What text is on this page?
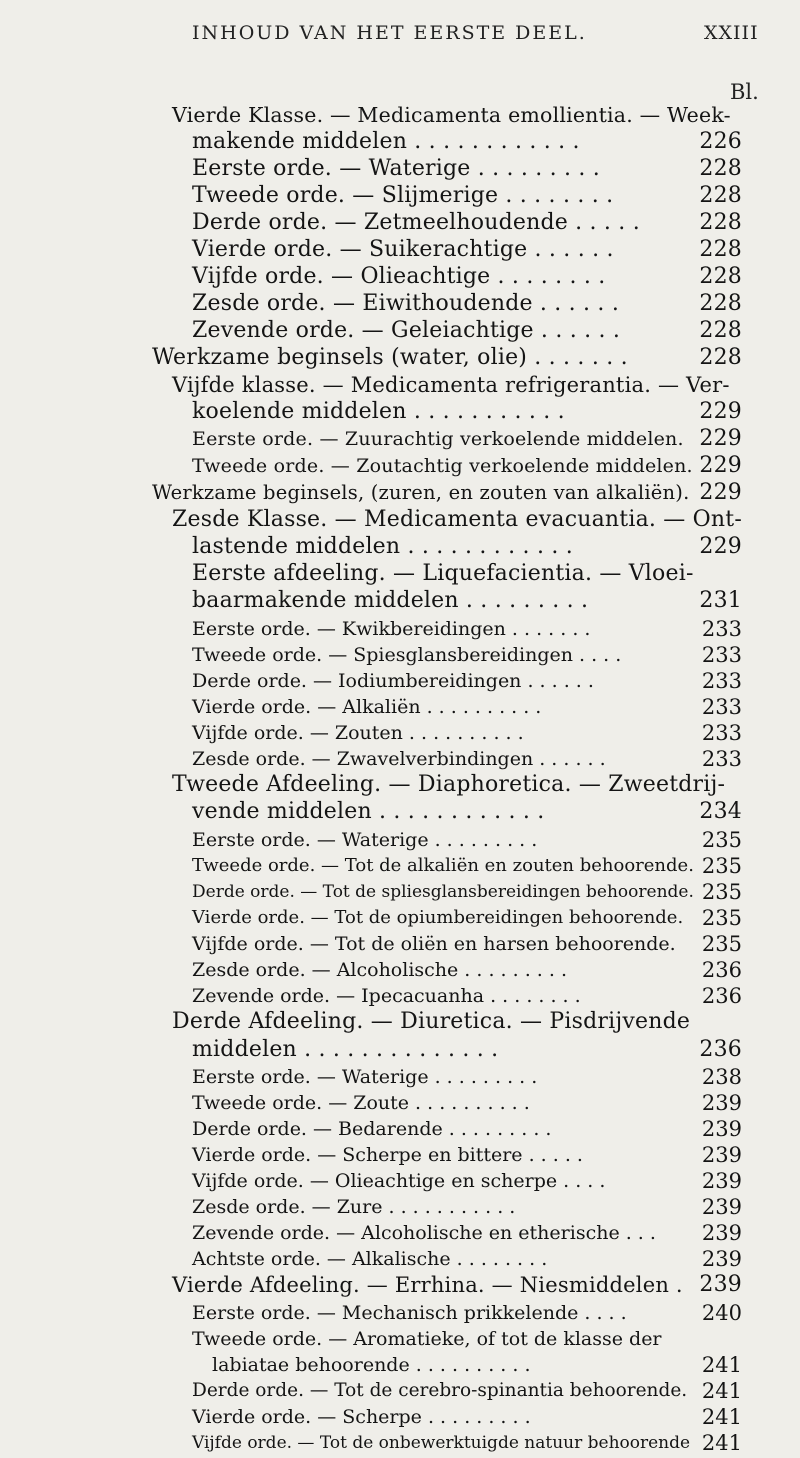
INHOUD VAN HET EERSTE DEEL.	XXIII
Bl.
Vierde Klasse. — Medicamenta emollientia. — Week-
makende middelen . . . . . . . . . . . .	226
Eerste orde. — Waterige . . . . . . . . .	228
Tweede orde. — Slijmerige . . . . . . . .	228
Derde orde. — Zetmeelhoudende . . . . .	228
Vierde orde. — Suikerachtige . . . . . .	228
Vijfde orde. — Olieachtige . . . . . . . .	228
Zesde orde. — Eiwithoudende . . . . . .	228
Zevende orde. — Geleiachtige . . . . . .	228
Werkzame beginsels (water, olie) . . . . . . .	228
Vijfde klasse. — Medicamenta refrigerantia. — Ver-
koelende middelen . . . . . . . . . . .	229
Eerste orde. — Zuurachtig verkoelende middelen. 229
Tweede orde. — Zoutachtig verkoelende middelen. 229
Werkzame beginsels, (zuren, en zouten van alkaliën). 229
Zesde Klasse. — Medicamenta evacuantia. — Ont-
lastende middelen . . . . . . . . . . . .	229
Eerste afdeeling. — Liquefacientia. — Vloei-
baarmakende middelen . . . . . . . . .	231
Eerste orde. — Kwikbereidingen . . . . . . .	233
Tweede orde. — Spiesglansbereidingen . . . .	233
Derde orde. — Iodiumbereidingen . . . . . .	233
Vierde orde. — Alkaliën . . . . . . . . . .	233
Vijfde orde. — Zouten . . . . . . . . . .	233
Zesde orde. — Zwavelverbindingen . . . . . .	233
Tweede Afdeeling. — Diaphoretica. — Zweetdrij-
vende middelen . . . . . . . . . . . .	234
Eerste orde. — Waterige . . . . . . . . .	235
Tweede orde. — Tot de alkaliën en zouten behoorende. 235
Derde orde. — Tot de spliesglansbereidingen behoorende. 235
Vierde orde. — Tot de opiumbereidingen behoorende. 235
Vijfde orde. — Tot de oliën en harsen behoorende. 235
Zesde orde. — Alcoholische . . . . . . . . .	236
Zevende orde. — Ipecacuanha . . . . . . . .	236
Derde Afdeeling. — Diuretica. — Pisdrijvende
middelen . . . . . . . . . . . . . .	236
Eerste orde. — Waterige . . . . . . . . .	238
Tweede orde. — Zoute . . . . . . . . . .	239
Derde orde. — Bedarende . . . . . . . . .	239
Vierde orde. — Scherpe en bittere . . . . .	239
Vijfde orde. — Olieachtige en scherpe . . . .	239
Zesde orde. — Zure . . . . . . . . . . .	239
Zevende orde. — Alcoholische en etherische . . . 239
Achtste orde. — Alkalische . . . . . . . .	239
Vierde Afdeeling. — Errhina. — Niesmiddelen . 239
Eerste orde. — Mechanisch prikkelende . . . .	240
Tweede orde. — Aromatieke, of tot de klasse der
labiatae behoorende . . . . . . . . . .	241
Derde orde. — Tot de cerebro-spinantia behoorende. 241
Vierde orde. — Scherpe . . . . . . . . .	241
Vijfde orde. — Tot de onbewerktuigde natuur behoorende 241
